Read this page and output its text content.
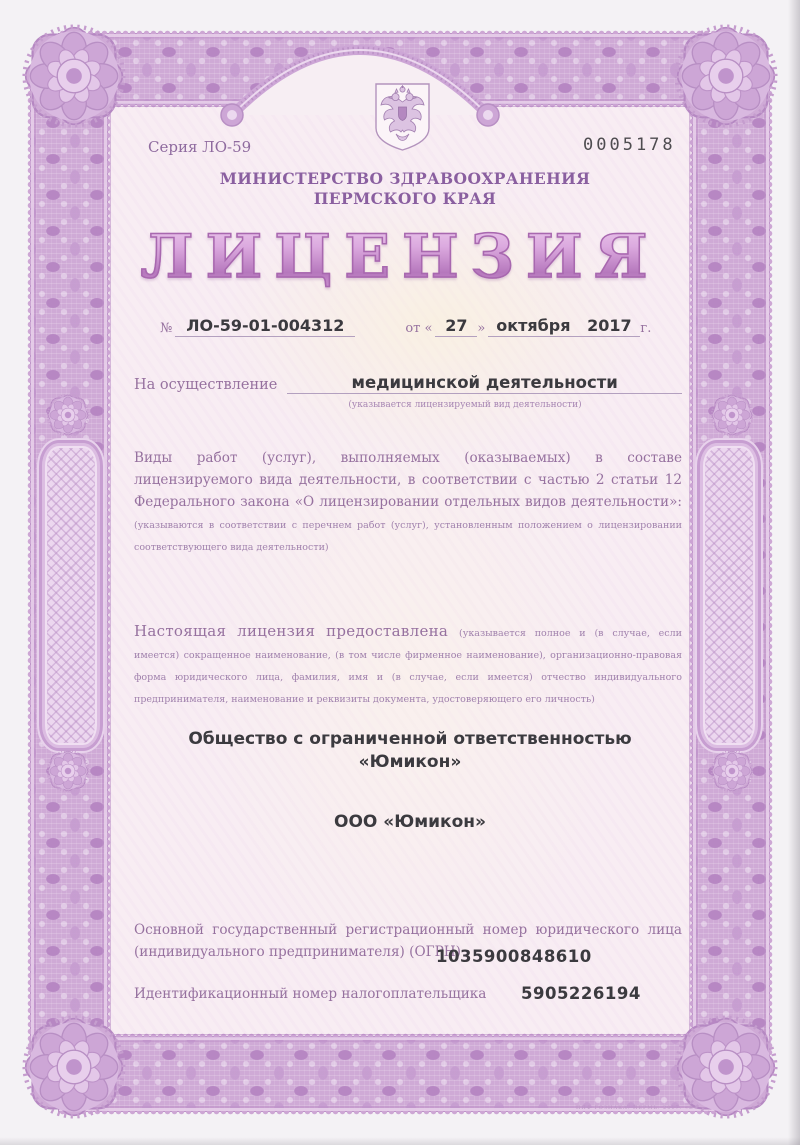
Серия ЛО-59	0005178
МИНИСТЕРСТВО ЗДРАВООХРАНЕНИЯ
ПЕРМСКОГО КРАЯ
ЛИЦЕНЗИЯ
№ ЛО-59-01-004312	от « 27 » октября	2017 г.
На осуществление	медицинской деятельности
(указывается лицензируемый вид деятельности)
Виды работ (услуг), выполняемых (оказываемых) в составе лицензируемого вида деятельности, в соответствии с частью 2 статьи 12 Федерального закона «О лицензировании отдельных видов деятельности»: (указываются в соответствии с перечнем работ (услуг), установленным положением о лицензировании соответствующего вида деятельности)
Настоящая лицензия предоставлена (указывается полное и (в случае, если имеется) сокращенное наименование, (в том числе фирменное наименование), организационно-правовая форма юридического лица, фамилия, имя и (в случае, если имеется) отчество индивидуального предпринимателя, наименование и реквизиты документа, удостоверяющего его личность)
Общество с ограниченной ответственностью
«Юмикон»
ООО «Юмикон»
Основной государственный регистрационный номер юридического лица (индивидуального предпринимателя) (ОГРН)
1035900848610
Идентификационный номер налогоплательщика 5905226194
ППФ ГОЗНАКА. ПЕРМЬ. 2017. «В».
